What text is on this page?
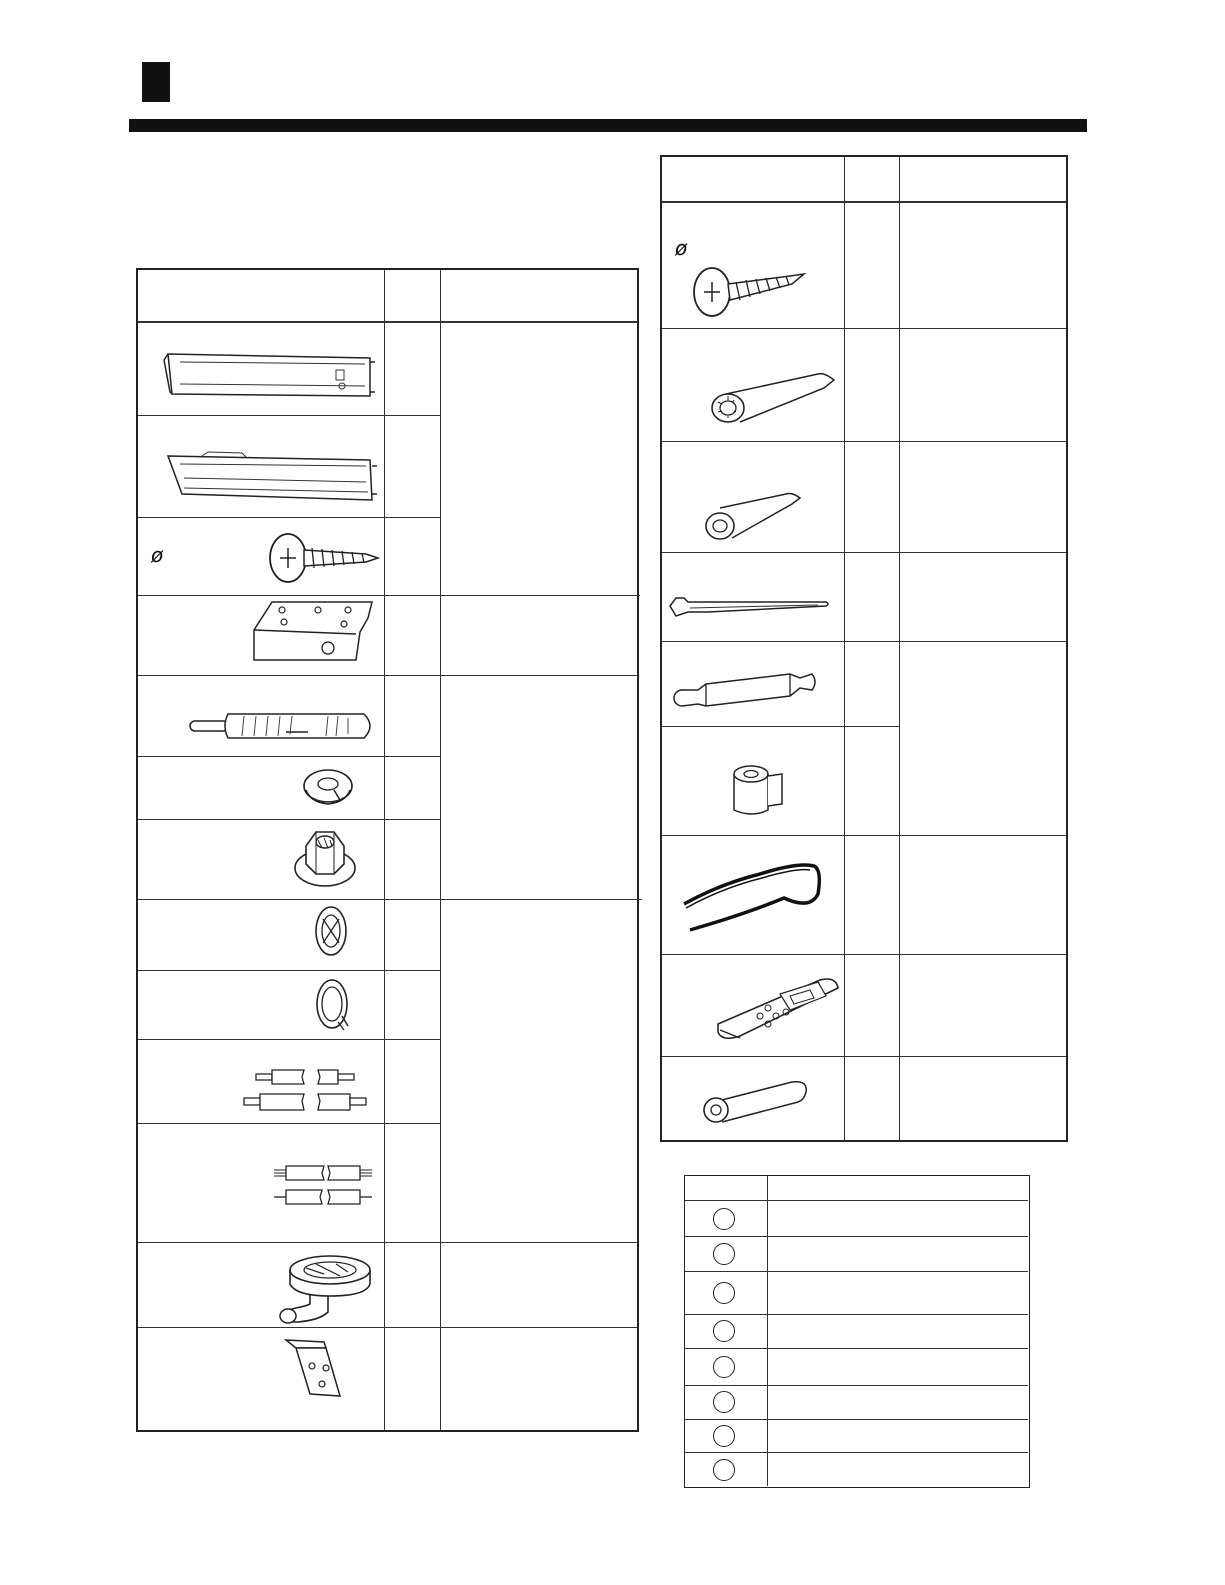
ø
ø
